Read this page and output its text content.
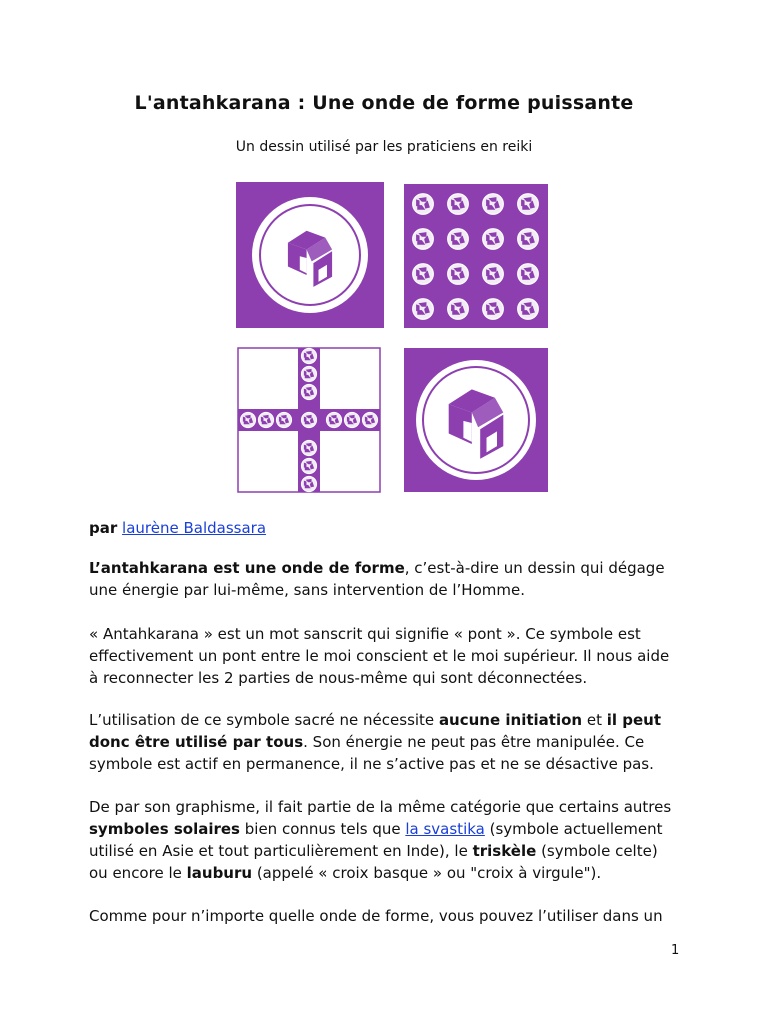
L'antahkarana : Une onde de forme puissante
Un dessin utilisé par les praticiens en reiki
par laurène Baldassara

L’antahkarana est une onde de forme, c’est-à-dire un dessin qui dégage
une énergie par lui-même, sans intervention de l’Homme.

« Antahkarana » est un mot sanscrit qui signifie « pont ». Ce symbole est
effectivement un pont entre le moi conscient et le moi supérieur. Il nous aide
à reconnecter les 2 parties de nous-même qui sont déconnectées.

L’utilisation de ce symbole sacré ne nécessite aucune initiation et il peut
donc être utilisé par tous. Son énergie ne peut pas être manipulée. Ce
symbole est actif en permanence, il ne s’active pas et ne se désactive pas.

De par son graphisme, il fait partie de la même catégorie que certains autres
symboles solaires bien connus tels que la svastika (symbole actuellement
utilisé en Asie et tout particulièrement en Inde), le triskèle (symbole celte)
ou encore le lauburu (appelé « croix basque » ou "croix à virgule").

Comme pour n’importe quelle onde de forme, vous pouvez l’utiliser dans un

1
